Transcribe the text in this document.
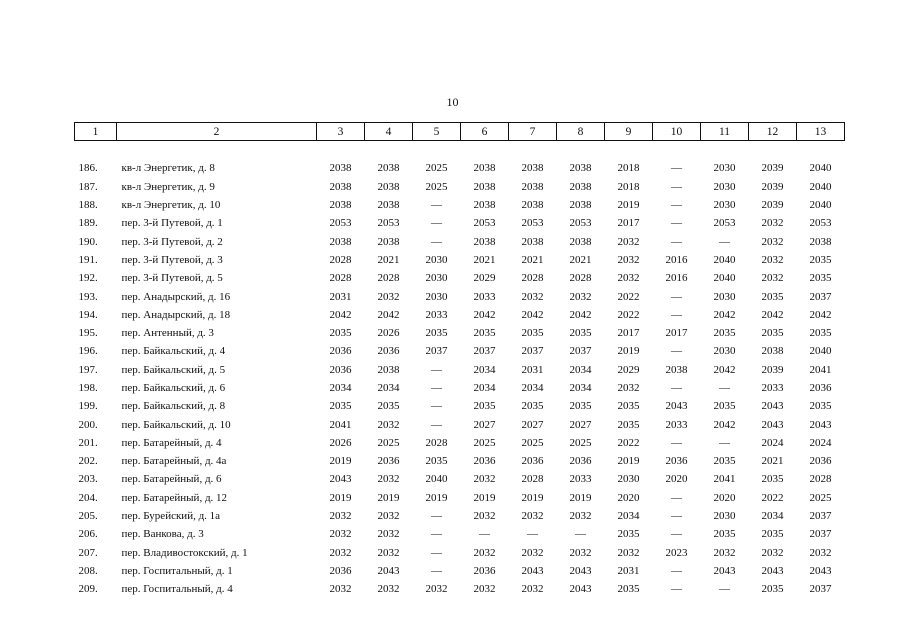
10
1	2	3	4	5	6	7	8	9	10	11	12	13

186.	кв-л Энергетик, д. 8	2038	2038	2025	2038	2038	2038	2018	—	2030	2039	2040
187.	кв-л Энергетик, д. 9	2038	2038	2025	2038	2038	2038	2018	—	2030	2039	2040
188.	кв-л Энергетик, д. 10	2038	2038	—	2038	2038	2038	2019	—	2030	2039	2040
189.	пер. 3-й Путевой, д. 1	2053	2053	—	2053	2053	2053	2017	—	2053	2032	2053
190.	пер. 3-й Путевой, д. 2	2038	2038	—	2038	2038	2038	2032	—	—	2032	2038
191.	пер. 3-й Путевой, д. 3	2028	2021	2030	2021	2021	2021	2032	2016	2040	2032	2035
192.	пер. 3-й Путевой, д. 5	2028	2028	2030	2029	2028	2028	2032	2016	2040	2032	2035
193.	пер. Анадырский, д. 16	2031	2032	2030	2033	2032	2032	2022	—	2030	2035	2037
194.	пер. Анадырский, д. 18	2042	2042	2033	2042	2042	2042	2022	—	2042	2042	2042
195.	пер. Антенный, д. 3	2035	2026	2035	2035	2035	2035	2017	2017	2035	2035	2035
196.	пер. Байкальский, д. 4	2036	2036	2037	2037	2037	2037	2019	—	2030	2038	2040
197.	пер. Байкальский, д. 5	2036	2038	—	2034	2031	2034	2029	2038	2042	2039	2041
198.	пер. Байкальский, д. 6	2034	2034	—	2034	2034	2034	2032	—	—	2033	2036
199.	пер. Байкальский, д. 8	2035	2035	—	2035	2035	2035	2035	2043	2035	2043	2035
200.	пер. Байкальский, д. 10	2041	2032	—	2027	2027	2027	2035	2033	2042	2043	2043
201.	пер. Батарейный, д. 4	2026	2025	2028	2025	2025	2025	2022	—	—	2024	2024
202.	пер. Батарейный, д. 4а	2019	2036	2035	2036	2036	2036	2019	2036	2035	2021	2036
203.	пер. Батарейный, д. 6	2043	2032	2040	2032	2028	2033	2030	2020	2041	2035	2028
204.	пер. Батарейный, д. 12	2019	2019	2019	2019	2019	2019	2020	—	2020	2022	2025
205.	пер. Бурейский, д. 1а	2032	2032	—	2032	2032	2032	2034	—	2030	2034	2037
206.	пер. Ванкова, д. 3	2032	2032	—	—	—	—	2035	—	2035	2035	2037
207.	пер. Владивостокский, д. 1	2032	2032	—	2032	2032	2032	2032	2023	2032	2032	2032
208.	пер. Госпитальный, д. 1	2036	2043	—	2036	2043	2043	2031	—	2043	2043	2043
209.	пер. Госпитальный, д. 4	2032	2032	2032	2032	2032	2043	2035	—	—	2035	2037
